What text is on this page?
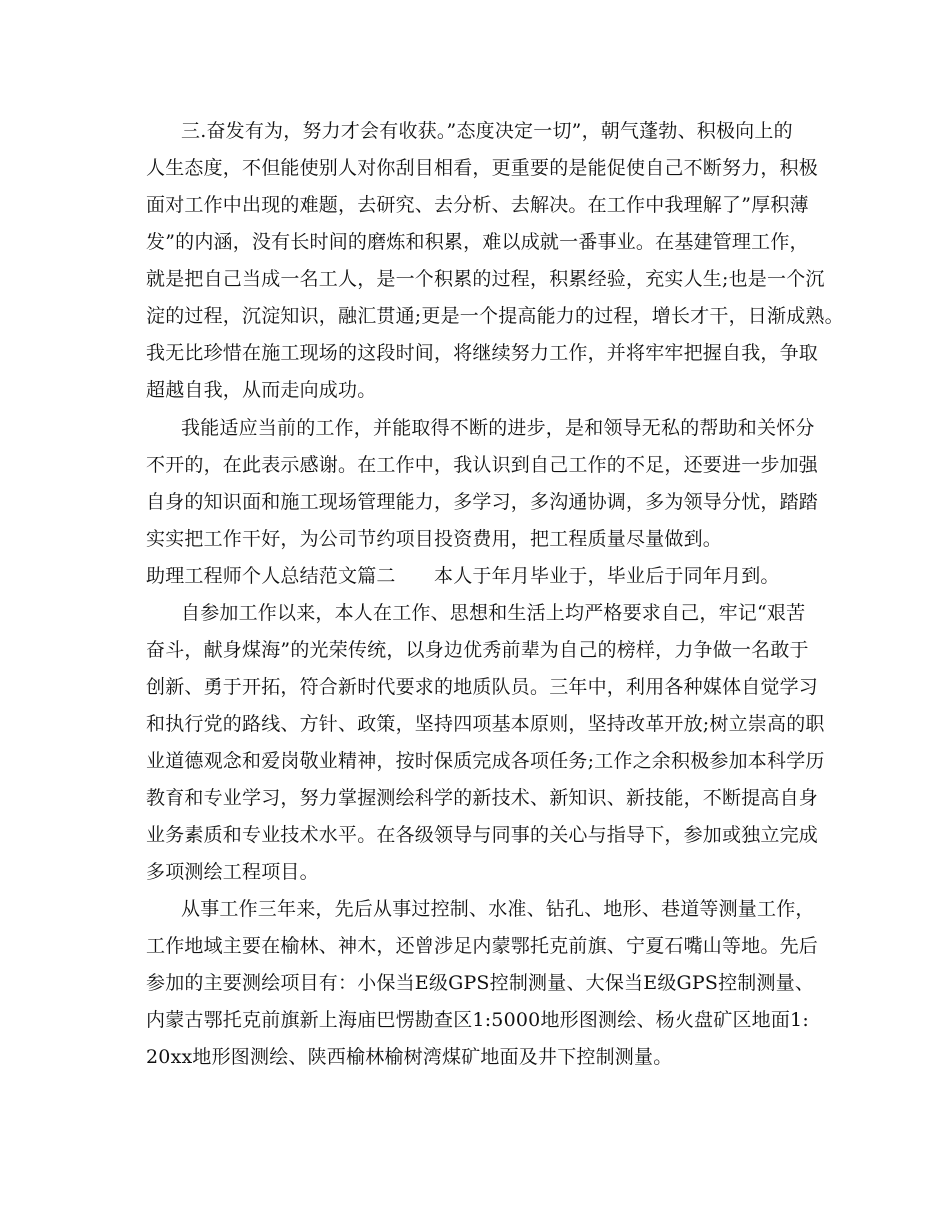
三.奋发有为，努力才会有收获。”态度决定一切”，朝气蓬勃、积极向上的
人生态度，不但能使别人对你刮目相看，更重要的是能促使自己不断努力，积极
面对工作中出现的难题，去研究、去分析、去解决。在工作中我理解了”厚积薄
发”的内涵，没有长时间的磨炼和积累，难以成就一番事业。在基建管理工作，
就是把自己当成一名工人，是一个积累的过程，积累经验，充实人生;也是一个沉
淀的过程，沉淀知识，融汇贯通;更是一个提高能力的过程，增长才干，日渐成熟。
我无比珍惜在施工现场的这段时间，将继续努力工作，并将牢牢把握自我，争取
超越自我，从而走向成功。
我能适应当前的工作，并能取得不断的进步，是和领导无私的帮助和关怀分
不开的，在此表示感谢。在工作中，我认识到自己工作的不足，还要进一步加强
自身的知识面和施工现场管理能力，多学习，多沟通协调，多为领导分忧，踏踏
实实把工作干好，为公司节约项目投资费用，把工程质量尽量做到。
助理工程师个人总结范文篇二　　本人于年月毕业于，毕业后于同年月到。
自参加工作以来，本人在工作、思想和生活上均严格要求自己，牢记“艰苦
奋斗，献身煤海”的光荣传统，以身边优秀前辈为自己的榜样，力争做一名敢于
创新、勇于开拓，符合新时代要求的地质队员。三年中，利用各种媒体自觉学习
和执行党的路线、方针、政策，坚持四项基本原则，坚持改革开放;树立崇高的职
业道德观念和爱岗敬业精神，按时保质完成各项任务;工作之余积极参加本科学历
教育和专业学习，努力掌握测绘科学的新技术、新知识、新技能，不断提高自身
业务素质和专业技术水平。在各级领导与同事的关心与指导下，参加或独立完成
多项测绘工程项目。
从事工作三年来，先后从事过控制、水准、钻孔、地形、巷道等测量工作，
工作地域主要在榆林、神木，还曾涉足内蒙鄂托克前旗、宁夏石嘴山等地。先后
参加的主要测绘项目有：小保当E级GPS控制测量、大保当E级GPS控制测量、
内蒙古鄂托克前旗新上海庙巴愣勘查区1:5000地形图测绘、杨火盘矿区地面1:
20xx地形图测绘、陕西榆林榆树湾煤矿地面及井下控制测量。
